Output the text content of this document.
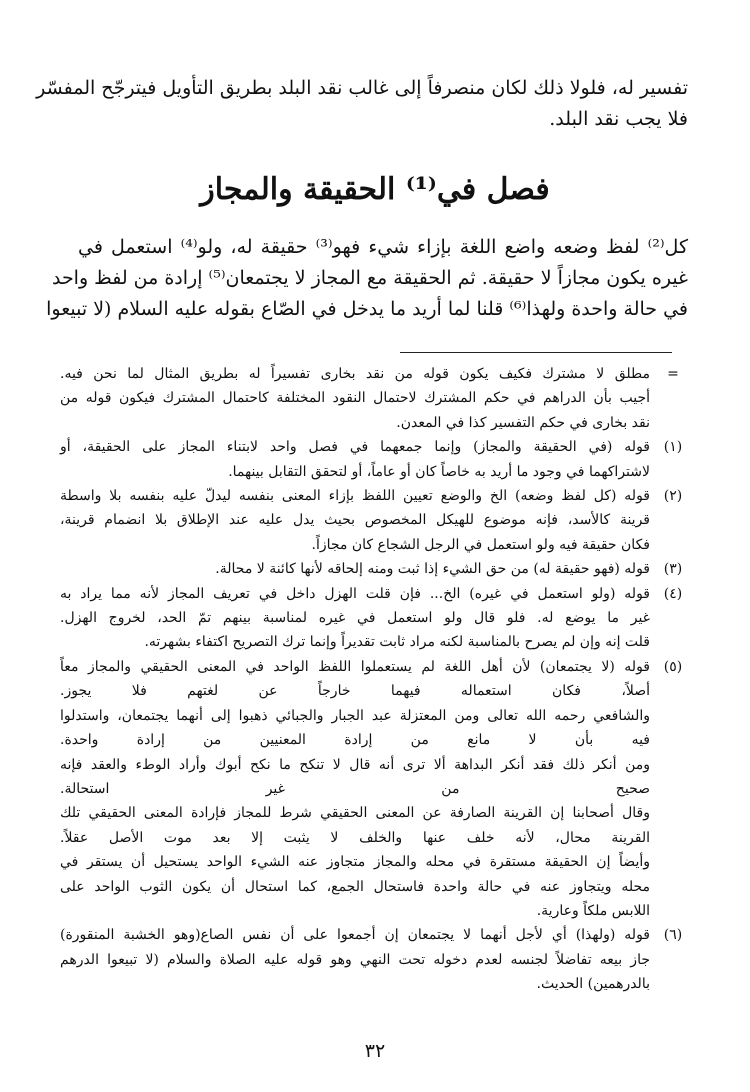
تفسير له، فلولا ذلك لكان منصرفاً إلى غالب نقد البلد بطريق التأويل فيترجّح المفسّر
فلا يجب نقد البلد.
فصل في⁽¹⁾ الحقيقة والمجاز
كل⁽²⁾ لفظ وضعه واضع اللغة بإزاء شيء فهو⁽³⁾ حقيقة له، ولو⁽⁴⁾ استعمل في
غيره يكون مجازاً لا حقيقة. ثم الحقيقة مع المجاز لا يجتمعان⁽⁵⁾ إرادة من لفظ واحد
في حالة واحدة ولهذا⁽⁶⁾ قلنا لما أريد ما يدخل في الصّاع بقوله عليه السلام (لا تبيعوا
=
مطلق لا مشترك فكيف يكون قوله من نقد بخارى تفسيراً له بطريق المثال لما نحن فيه.
أجيب بأن الدراهم في حكم المشترك لاحتمال النقود المختلفة كاحتمال المشترك فيكون قوله من
نقد بخارى في حكم التفسير كذا في المعدن.
(١)
قوله (في الحقيقة والمجاز) وإنما جمعهما في فصل واحد لابتناء المجاز على الحقيقة، أو
لاشتراكهما في وجود ما أريد به خاصاً كان أو عاماً، أو لتحقق التقابل بينهما.
(٢)
قوله (كل لفظ وضعه) الخ والوضع تعيين اللفظ بإزاء المعنى بنفسه ليدلّ عليه بنفسه بلا واسطة
قرينة كالأسد، فإنه موضوع للهيكل المخصوص بحيث يدل عليه عند الإطلاق بلا انضمام قرينة،
فكان حقيقة فيه ولو استعمل في الرجل الشجاع كان مجازاً.
(٣)
قوله (فهو حقيقة له) من حق الشيء إذا ثبت ومنه إلحاقه لأنها كائنة لا محالة.
(٤)
قوله (ولو استعمل في غيره) الخ... فإن قلت الهزل داخل في تعريف المجاز لأنه مما يراد به
غير ما يوضع له. فلو قال ولو استعمل في غيره لمناسبة بينهم تمّ الحد، لخروج الهزل.
قلت إنه وإن لم يصرح بالمناسبة لكنه مراد ثابت تقديراً وإنما ترك التصريح اكتفاء بشهرته.
(٥)
قوله (لا يجتمعان) لأن أهل اللغة لم يستعملوا اللفظ الواحد في المعنى الحقيقي والمجاز معاً
أصلاً، فكان استعماله فيهما خارجاً عن لغتهم فلا يجوز.
والشافعي رحمه الله تعالى ومن المعتزلة عبد الجبار والجبائي ذهبوا إلى أنهما يجتمعان، واستدلوا
فيه بأن لا مانع من إرادة المعنيين من إرادة واحدة.
ومن أنكر ذلك فقد أنكر البداهة ألا ترى أنه قال لا تنكح ما نكح أبوك وأراد الوطء والعقد فإنه
صحيح من غير استحالة.
وقال أصحابنا إن القرينة الصارفة عن المعنى الحقيقي شرط للمجاز فإرادة المعنى الحقيقي تلك
القرينة محال، لأنه خلف عنها والخلف لا يثبت إلا بعد موت الأصل عقلاً.
وأيضاً إن الحقيقة مستقرة في محله والمجاز متجاوز عنه الشيء الواحد يستحيل أن يستقر في
محله ويتجاوز عنه في حالة واحدة فاستحال الجمع، كما استحال أن يكون الثوب الواحد على
اللابس ملكاً وعارية.
(٦)
قوله (ولهذا) أي لأجل أنهما لا يجتمعان إن أجمعوا على أن نفس الصاع(وهو الخشبة المنقورة)
جاز بيعه تفاضلاً لجنسه لعدم دخوله تحت النهي وهو قوله عليه الصلاة والسلام (لا تبيعوا الدرهم
بالدرهمين) الحديث.
٣٢
